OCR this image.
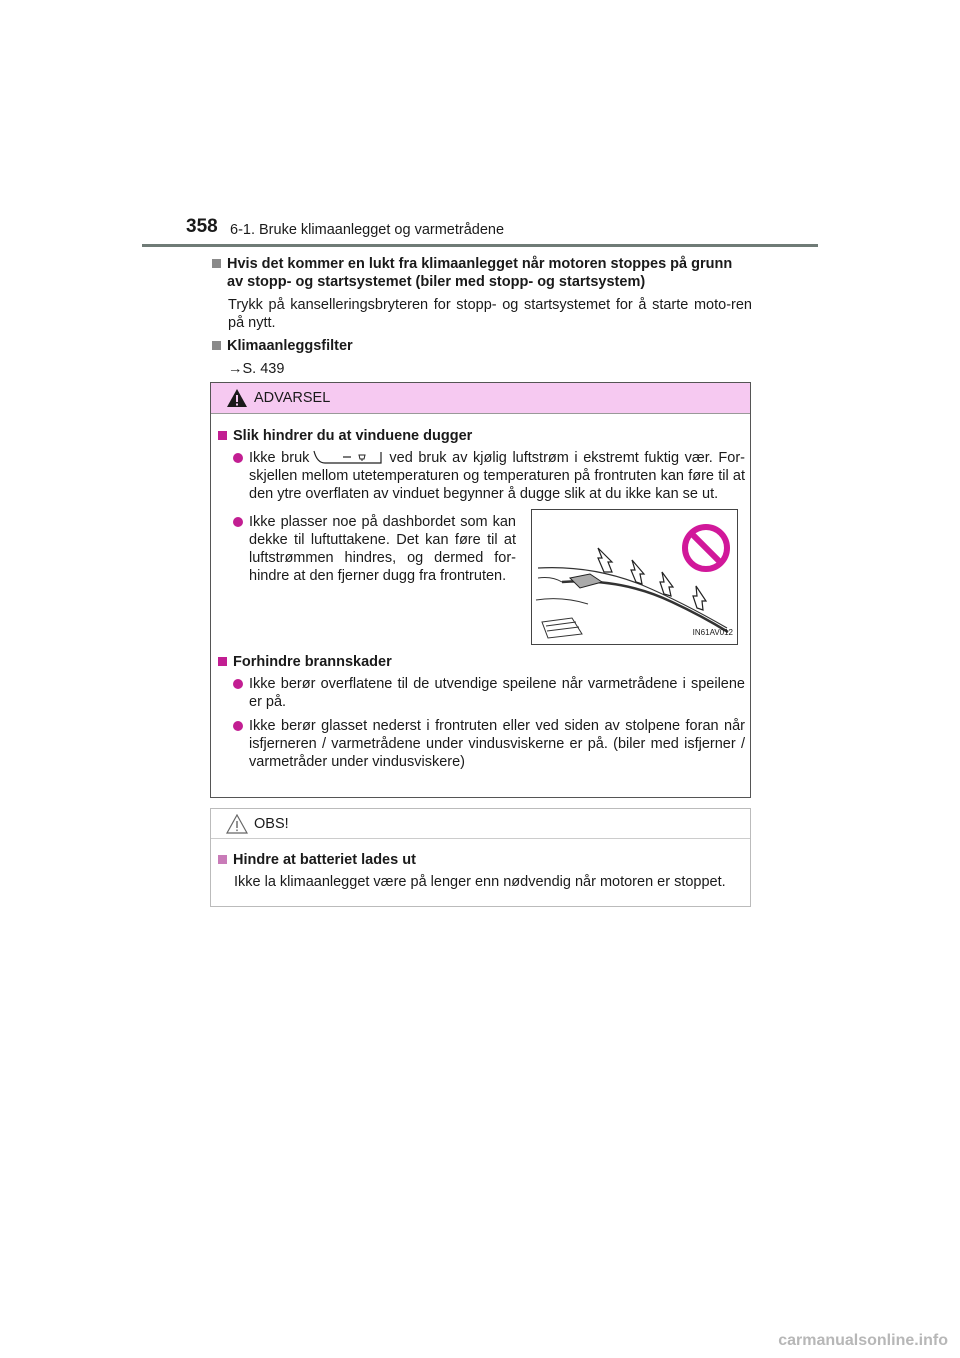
358 6-1. Bruke klimaanlegget og varmetrådene
Hvis det kommer en lukt fra klimaanlegget når motoren stoppes på grunn av stopp- og startsystemet (biler med stopp- og startsystem)
Trykk på kanselleringsbryteren for stopp- og startsystemet for å starte moto-ren på nytt.
Klimaanleggsfilter
→S. 439
ADVARSEL
Slik hindrer du at vinduene dugger
Ikke bruk	ved bruk av kjølig luftstrøm i ekstremt fuktig vær. For-skjellen mellom utetemperaturen og temperaturen på frontruten kan føre til at den ytre overflaten av vinduet begynner å dugge slik at du ikke kan se ut.
Ikke plasser noe på dashbordet som kan dekke til luftuttakene. Det kan føre til at luftstrømmen hindres, og dermed for-hindre at den fjerner dugg fra frontruten.
IN61AV012
Forhindre brannskader
Ikke berør overflatene til de utvendige speilene når varmetrådene i speilene er på.
Ikke berør glasset nederst i frontruten eller ved siden av stolpene foran når isfjerneren / varmetrådene under vindusviskerne er på. (biler med isfjerner / varmetråder under vindusviskere)
OBS!
Hindre at batteriet lades ut
Ikke la klimaanlegget være på lenger enn nødvendig når motoren er stoppet.
carmanualsonline.info
